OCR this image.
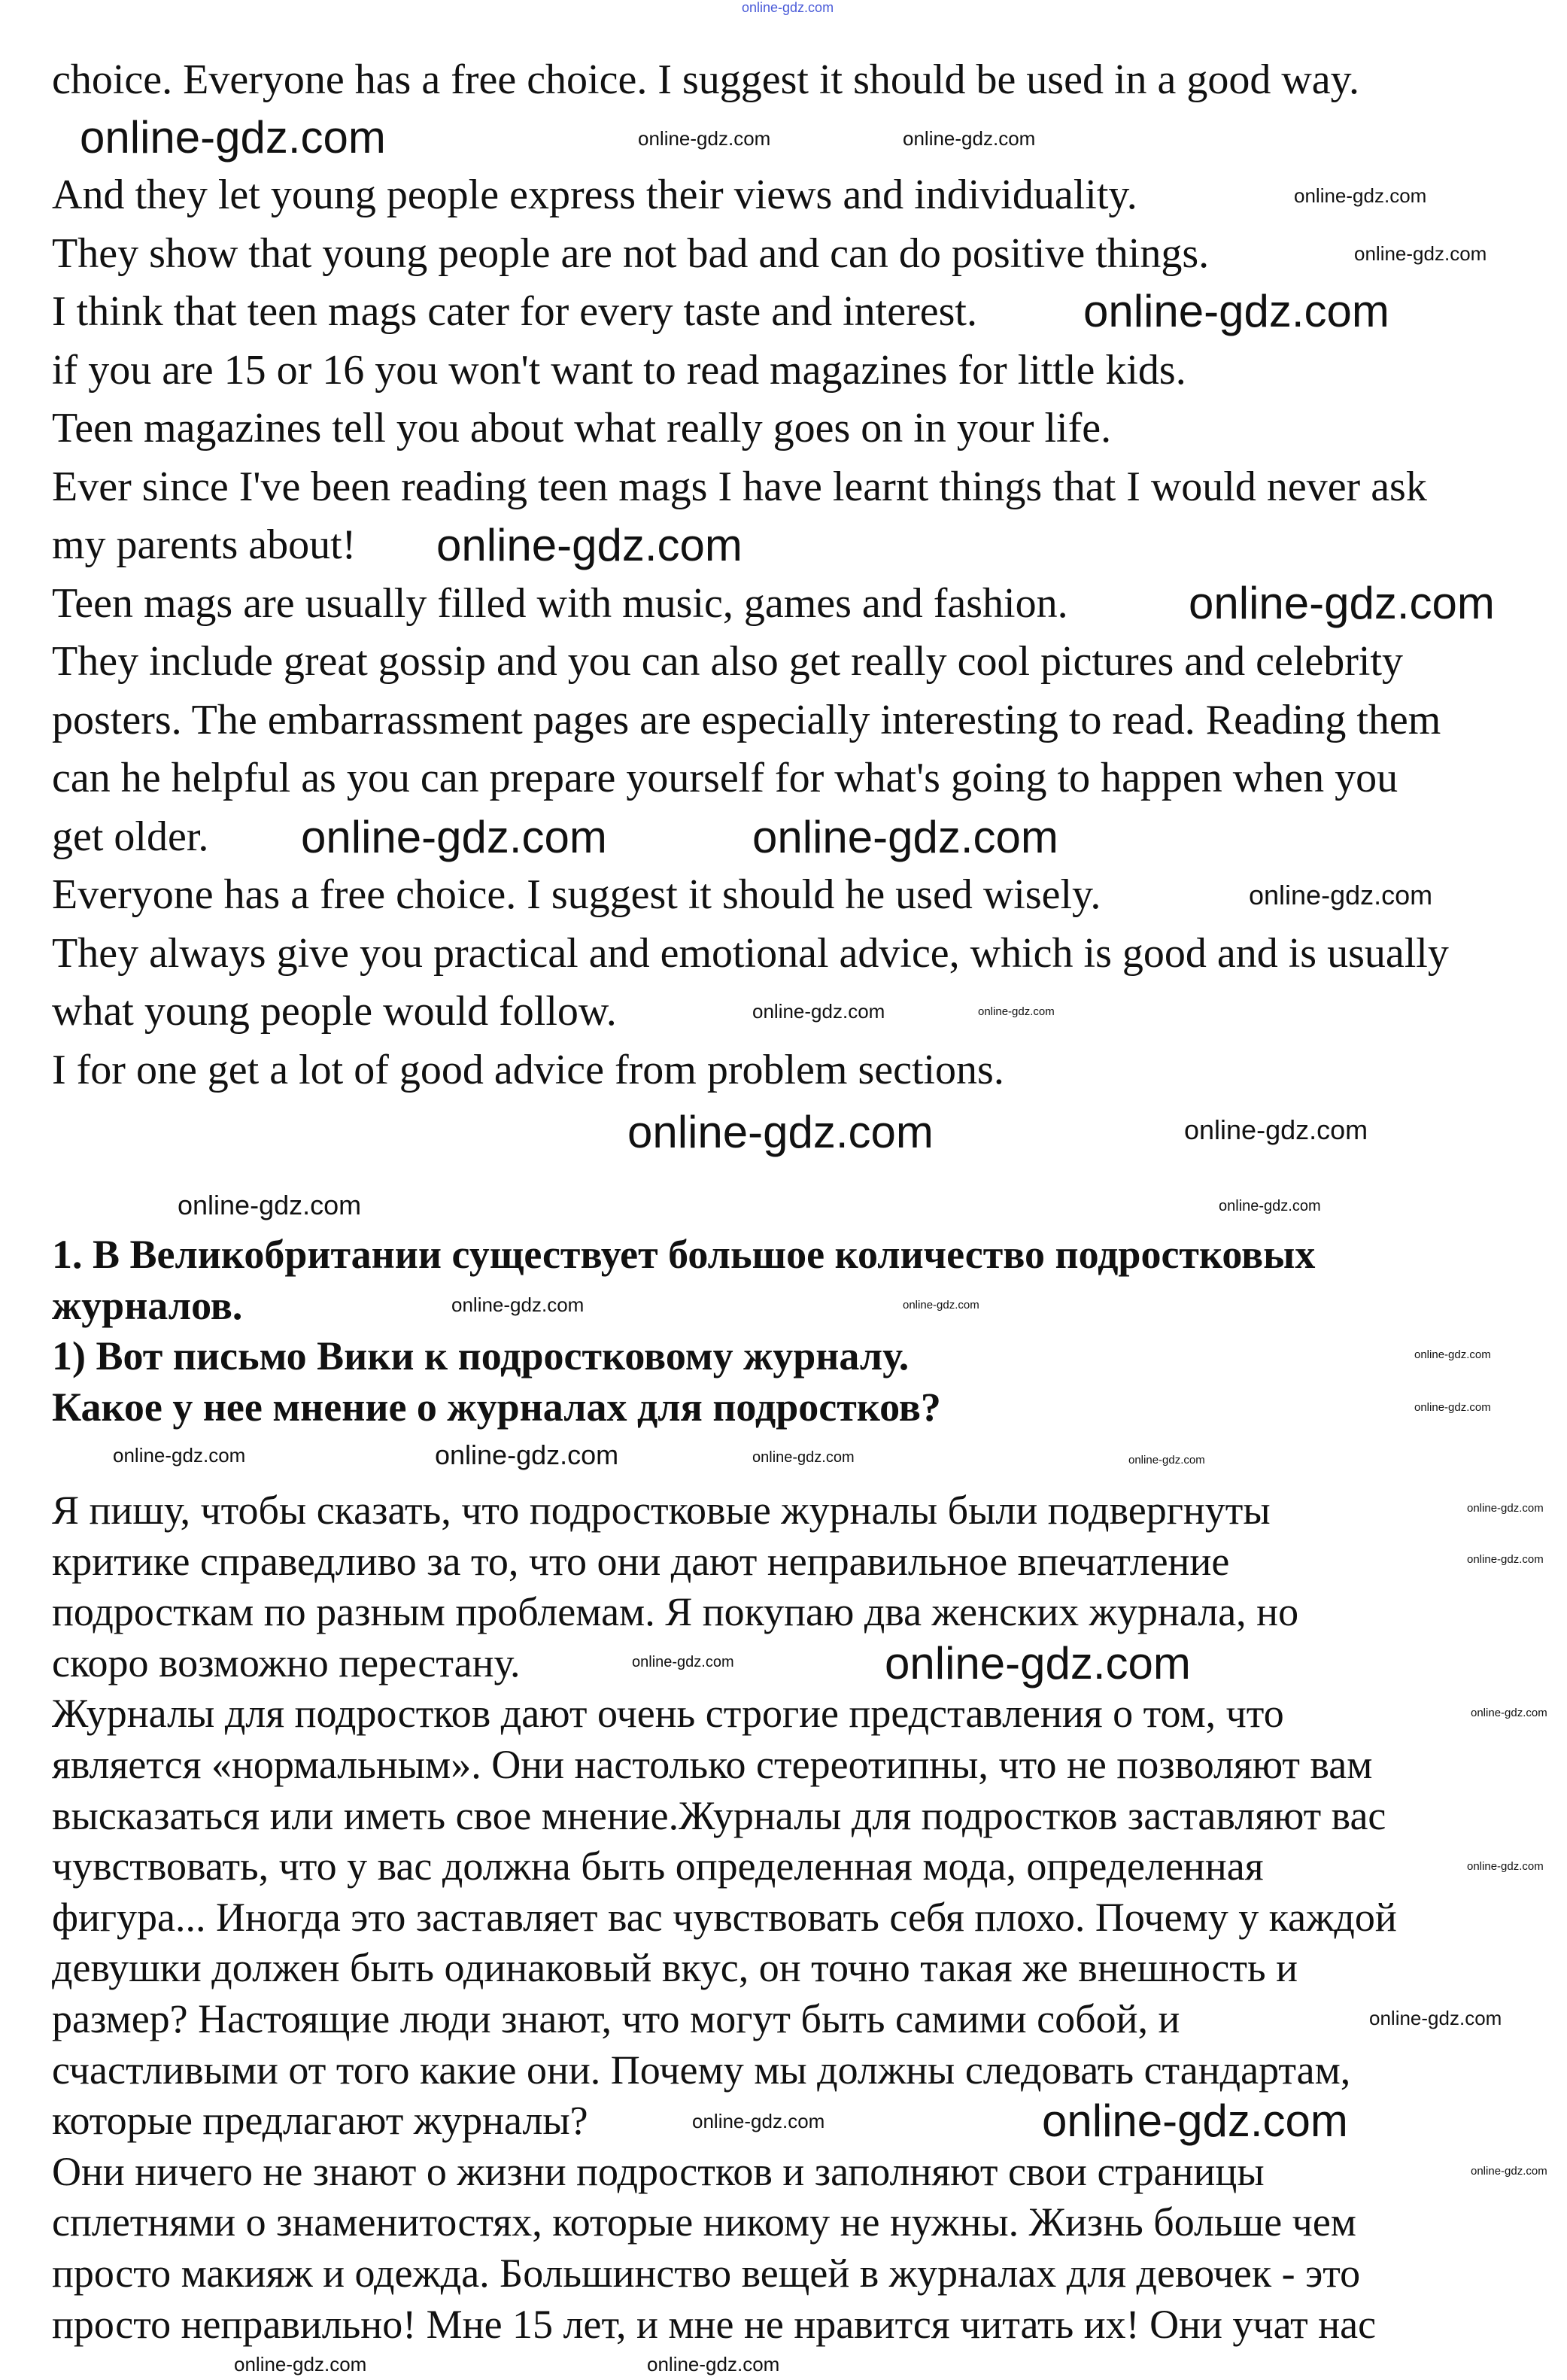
choice. Everyone has a free choice. I suggest it should be used in a good way.
And they let young people express their views and individuality.
They show that young people are not bad and can do positive things.
I think that teen mags cater for every taste and interest.
if you are 15 or 16 you won't want to read magazines for little kids.
Teen magazines tell you about what really goes on in your life.
Ever since I've been reading teen mags I have learnt things that I would never ask
my parents about!
Teen mags are usually filled with music, games and fashion.
They include great gossip and you can also get really cool pictures and celebrity
posters. The embarrassment pages are especially interesting to read. Reading them
can he helpful as you can prepare yourself for what's going to happen when you
get older.
Everyone has a free choice. I suggest it should he used wisely.
They always give you practical and emotional advice, which is good and is usually
what young people would follow.
I for one get a lot of good advice from problem sections.
1. В Великобритании существует большое количество подростковых
журналов.
1) Вот письмо Вики к подростковому журналу.
Какое у нее мнение о журналах для подростков?
Я пишу, чтобы сказать, что подростковые журналы были подвергнуты
критике справедливо за то, что они дают неправильное впечатление
подросткам по разным проблемам. Я покупаю два женских журнала, но
скоро возможно перестану.
Журналы для подростков дают очень строгие представления о том, что
является «нормальным». Они настолько стереотипны, что не позволяют вам
высказаться или иметь свое мнение.Журналы для подростков заставляют вас
чувствовать, что у вас должна быть определенная мода, определенная
фигура... Иногда это заставляет вас чувствовать себя плохо. Почему у каждой
девушки должен быть одинаковый вкус, он точно такая же внешность и
размер? Настоящие люди знают, что могут быть самими собой, и
счастливыми от того какие они. Почему мы должны следовать стандартам,
которые предлагают журналы?
Они ничего не знают о жизни подростков и заполняют свои страницы
сплетнями о знаменитостях, которые никому не нужны. Жизнь больше чем
просто макияж и одежда. Большинство вещей в журналах для девочек - это
просто неправильно! Мне 15 лет, и мне не нравится читать их! Они учат нас
online-gdz.com
online-gdz.com
online-gdz.com
online-gdz.com
online-gdz.com
online-gdz.com	online-gdz.com
online-gdz.com
online-gdz.com
online-gdz.com
online-gdz.com
online-gdz.com
online-gdz.com
online-gdz.com
online-gdz.com	online-gdz.com
online-gdz.com
online-gdz.com
online-gdz.com
online-gdz.com
online-gdz.com
online-gdz.com
online-gdz.com
online-gdz.com	online-gdz.com
online-gdz.com
online-gdz.com
online-gdz.com
online-gdz.com
online-gdz.com
online-gdz.com
online-gdz.com
online-gdz.com
online-gdz.com
online-gdz.com
online-gdz.com
online-gdz.com
online-gdz.com
